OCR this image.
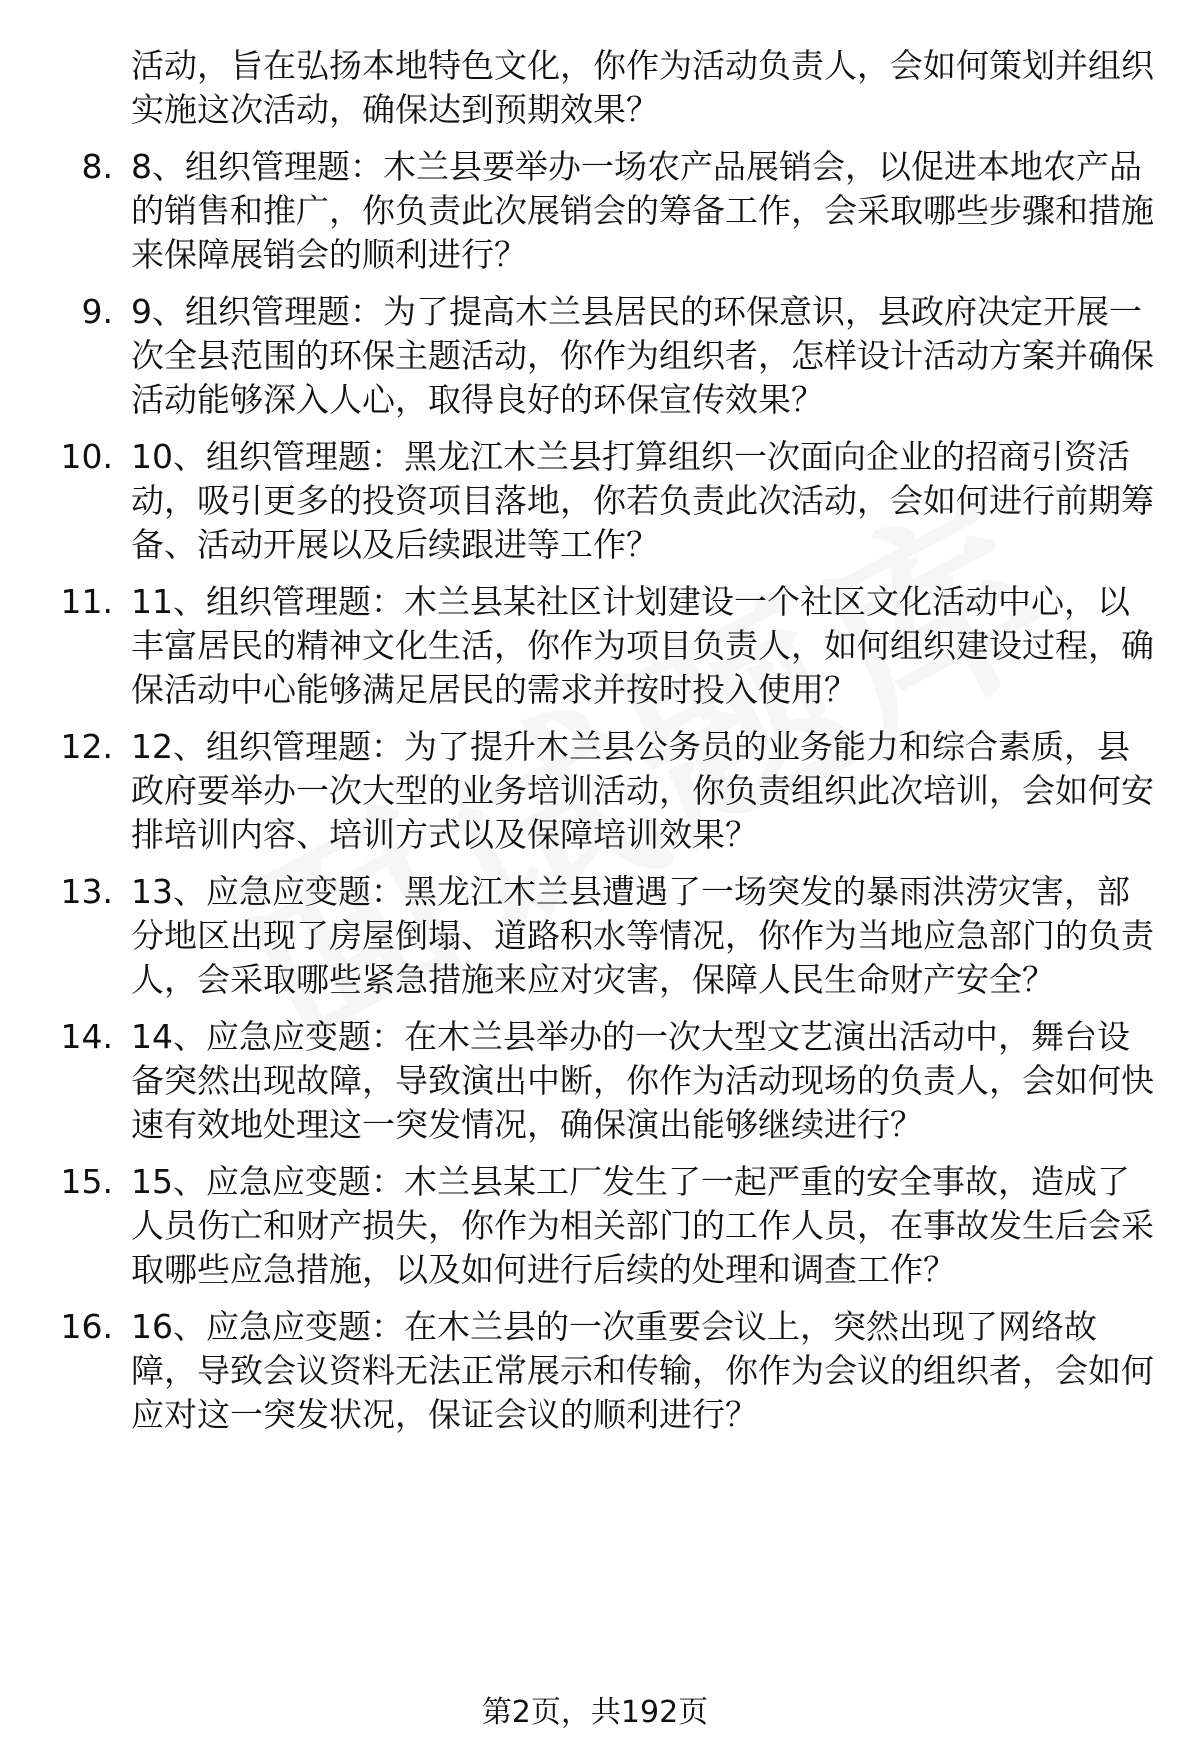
活动，旨在弘扬本地特色文化，你作为活动负责人，会如何策划并组织实施这次活动，确保达到预期效果？
8. 8、组织管理题：木兰县要举办一场农产品展销会，以促进本地农产品的销售和推广，你负责此次展销会的筹备工作，会采取哪些步骤和措施来保障展销会的顺利进行？
9. 9、组织管理题：为了提高木兰县居民的环保意识，县政府决定开展一次全县范围的环保主题活动，你作为组织者，怎样设计活动方案并确保活动能够深入人心，取得良好的环保宣传效果？
10. 10、组织管理题：黑龙江木兰县打算组织一次面向企业的招商引资活动，吸引更多的投资项目落地，你若负责此次活动，会如何进行前期筹备、活动开展以及后续跟进等工作？
11. 11、组织管理题：木兰县某社区计划建设一个社区文化活动中心，以丰富居民的精神文化生活，你作为项目负责人，如何组织建设过程，确保活动中心能够满足居民的需求并按时投入使用？
12. 12、组织管理题：为了提升木兰县公务员的业务能力和综合素质，县政府要举办一次大型的业务培训活动，你负责组织此次培训，会如何安排培训内容、培训方式以及保障培训效果？
13. 13、应急应变题：黑龙江木兰县遭遇了一场突发的暴雨洪涝灾害，部分地区出现了房屋倒塌、道路积水等情况，你作为当地应急部门的负责人，会采取哪些紧急措施来应对灾害，保障人民生命财产安全？
14. 14、应急应变题：在木兰县举办的一次大型文艺演出活动中，舞台设备突然出现故障，导致演出中断，你作为活动现场的负责人，会如何快速有效地处理这一突发情况，确保演出能够继续进行？
15. 15、应急应变题：木兰县某工厂发生了一起严重的安全事故，造成了人员伤亡和财产损失，你作为相关部门的工作人员，在事故发生后会采取哪些应急措施，以及如何进行后续的处理和调查工作？
16. 16、应急应变题：在木兰县的一次重要会议上，突然出现了网络故障，导致会议资料无法正常展示和传输，你作为会议的组织者，会如何应对这一突发状况，保证会议的顺利进行？
第2页，共192页
